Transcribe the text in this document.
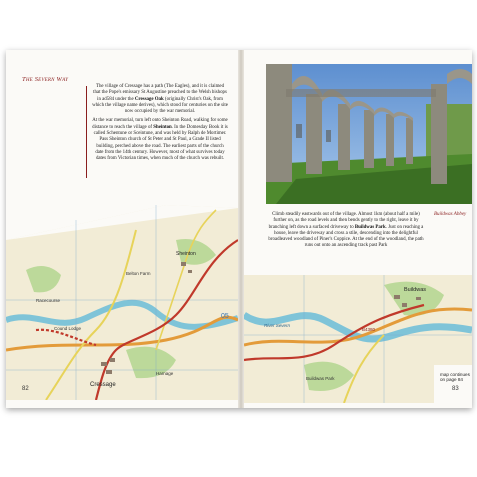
The Severn Way

The village of Cressage has a path (The Eagles), and it is claimed that the Pope's emissary St Augustine preached to the Welsh bishops in ad584 under the Cressage Oak (originally Christ's Oak, from which the village name derives), which stood for centuries on the site now occupied by the war memorial.

At the war memorial, turn left onto Sheinton Road, walking for some distance to reach the village of Sheinton. In the Domesday Book it is called Schentune or Sceintune, and was held by Ralph de Mortimer. Pass Sheinton church of St Peter and St Paul, a Grade II listed building, perched above the road. The earliest parts of the church date from the 14th century. However, most of what survives today dates from Victorian times, when much of the church was rebuilt.

Cressage
Cound Lodge
Sheinton
Belton Farm
Harnage
Racecourse
05
82
Buildwas Abbey

Climb steadily eastwards out of the village. Almost 1km (about half a mile) further on, as the road levels and then bends gently to the right, leave it by branching left down a surfaced driveway to Buildwas Park. Just on reaching a house, leave the driveway and cross a stile, descending into the delightful broadleaved woodland of Piner's Coppice. At the end of the woodland, the path runs out onto an ascending track past Park

Buildwas
River Severn
B4380
Buildwas Park
map continues
on page 84
83
